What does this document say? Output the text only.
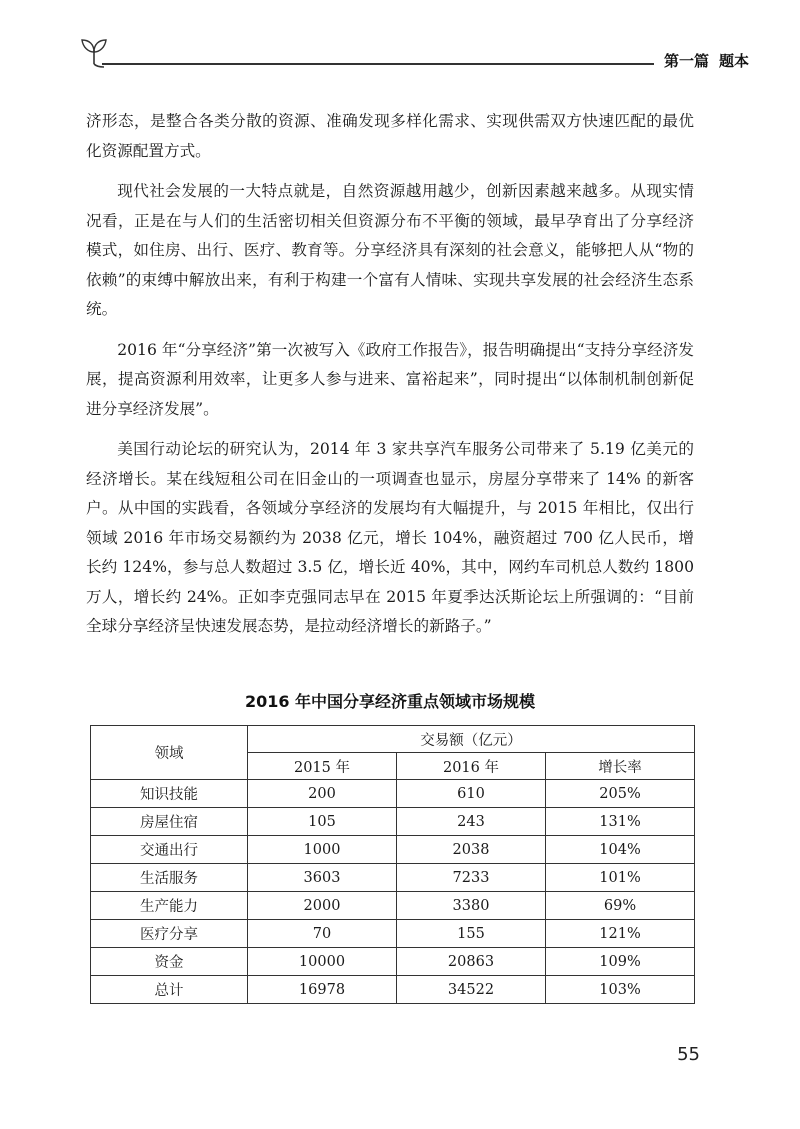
第一篇 题本

济形态，是整合各类分散的资源、准确发现多样化需求、实现供需双方快速匹配的最优化资源配置方式。

现代社会发展的一大特点就是，自然资源越用越少，创新因素越来越多。从现实情况看，正是在与人们的生活密切相关但资源分布不平衡的领域，最早孕育出了分享经济模式，如住房、出行、医疗、教育等。分享经济具有深刻的社会意义，能够把人从“物的依赖”的束缚中解放出来，有利于构建一个富有人情味、实现共享发展的社会经济生态系统。

2016 年“分享经济”第一次被写入《政府工作报告》，报告明确提出“支持分享经济发展，提高资源利用效率，让更多人参与进来、富裕起来”，同时提出“以体制机制创新促进分享经济发展”。

美国行动论坛的研究认为，2014 年 3 家共享汽车服务公司带来了 5.19 亿美元的经济增长。某在线短租公司在旧金山的一项调查也显示，房屋分享带来了 14% 的新客户。从中国的实践看，各领域分享经济的发展均有大幅提升，与 2015 年相比，仅出行领域 2016 年市场交易额约为 2038 亿元，增长 104%，融资超过 700 亿人民币，增长约 124%，参与总人数超过 3.5 亿，增长近 40%，其中，网约车司机总人数约 1800 万人，增长约 24%。正如李克强同志早在 2015 年夏季达沃斯论坛上所强调的：“目前全球分享经济呈快速发展态势，是拉动经济增长的新路子。”

2016 年中国分享经济重点领域市场规模
领域	交易额（亿元）		
	2015 年	2016 年	增长率
知识技能	200	610	205%
房屋住宿	105	243	131%
交通出行	1000	2038	104%
生活服务	3603	7233	101%
生产能力	2000	3380	69%
医疗分享	70	155	121%
资金	10000	20863	109%
总计	16978	34522	103%
55
